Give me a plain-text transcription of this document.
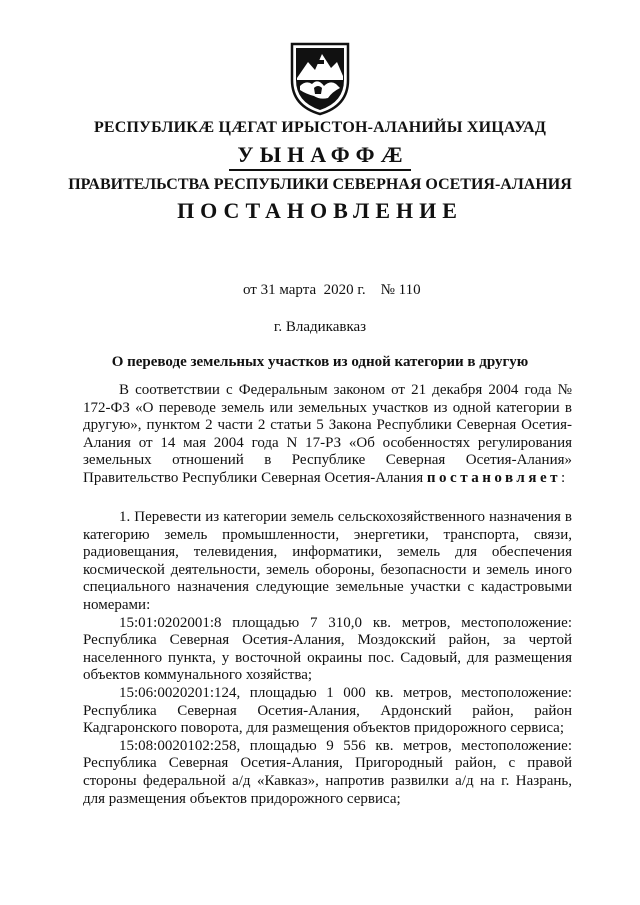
РЕСПУБЛИКӔ ЦӔГАТ ИРЫСТОН-АЛАНИЙЫ ХИЦАУАД
УЫНАФФӔ
ПРАВИТЕЛЬСТВА РЕСПУБЛИКИ СЕВЕРНАЯ ОСЕТИЯ-АЛАНИЯ
ПОСТАНОВЛЕНИЕ
от 31 марта  2020 г. № 110
г. Владикавказ
О переводе земельных участков из одной категории в другую

В соответствии с Федеральным законом от 21 декабря 2004 года № 172-ФЗ «О переводе земель или земельных участков из одной категории в другую», пунктом 2 части 2 статьи 5 Закона Республики Северная Осетия-Алания от 14 мая 2004 года N 17-РЗ «Об особенностях регулирования земельных отношений в Республике Северная Осетия-Алания» Правительство Республики Северная Осетия-Алания постановляет:

1. Перевести из категории земель сельскохозяйственного назначения в категорию земель промышленности, энергетики, транспорта, связи, радиовещания, телевидения, информатики, земель для обеспечения космической деятельности, земель обороны, безопасности и земель иного специального назначения следующие земельные участки с кадастровыми номерами:

15:01:0202001:8 площадью 7 310,0 кв. метров, местоположение: Республика Северная Осетия-Алания, Моздокский район, за чертой населенного пункта, у восточной окраины пос. Садовый, для размещения объектов коммунального хозяйства;

15:06:0020201:124, площадью 1 000 кв. метров, местоположение: Республика Северная Осетия-Алания, Ардонский район, район Кадгаронского поворота, для размещения объектов придорожного сервиса;

15:08:0020102:258, площадью 9 556 кв. метров, местоположение: Республика Северная Осетия-Алания, Пригородный район, с правой стороны федеральной а/д «Кавказ», напротив развилки а/д на г. Назрань, для размещения объектов придорожного сервиса;
